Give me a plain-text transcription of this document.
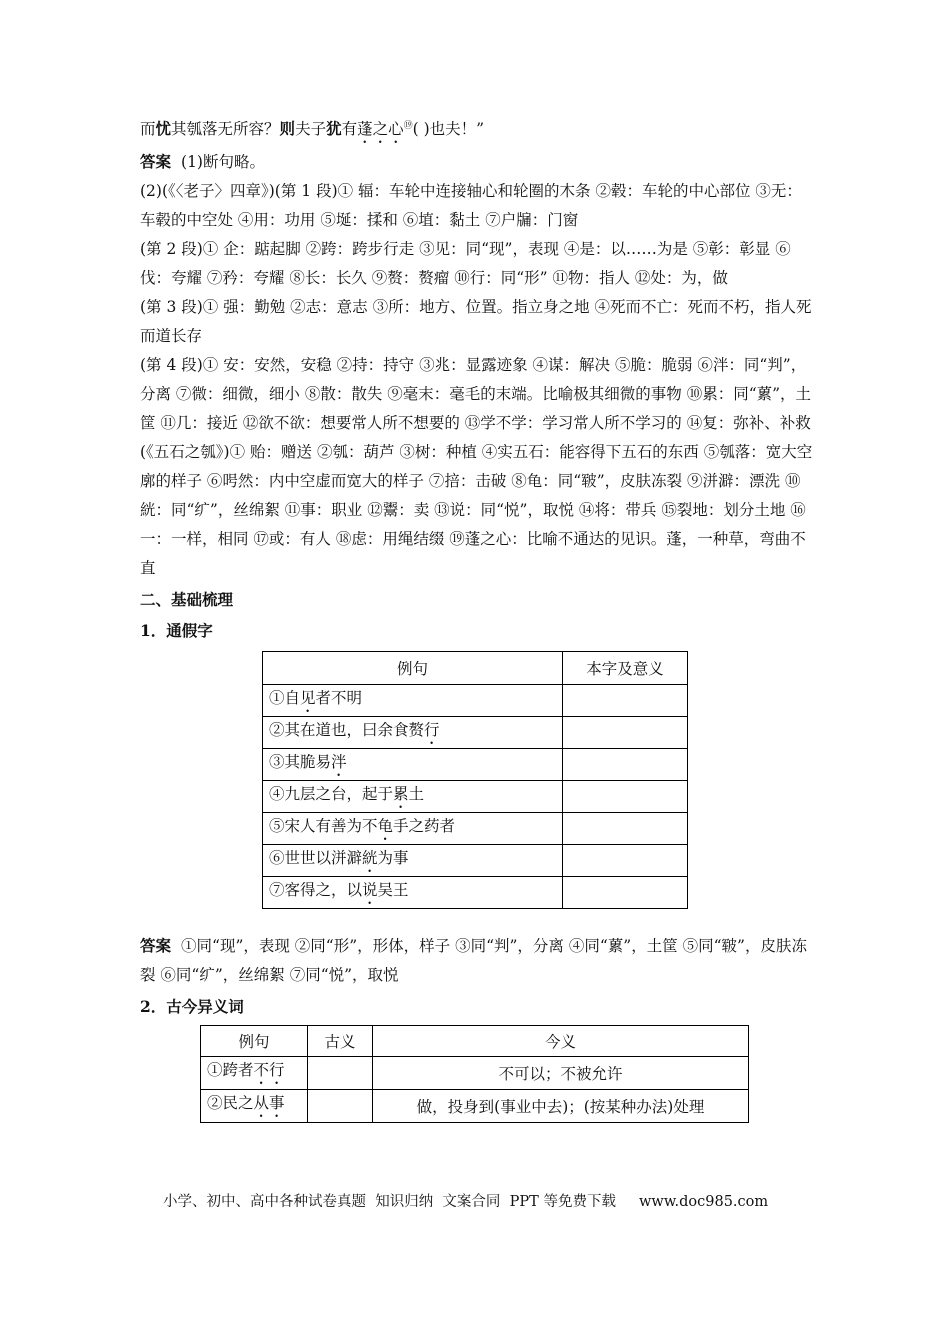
而忧其瓠落无所容？则夫子犹有蓬之心⑲( )也夫！”
答案 (1)断句略。
(2)(《〈老子〉四章》)(第 1 段)① 辐：车轮中连接轴心和轮圈的木条 ②毂：车轮的中心部位 ③无：车毂的中空处 ④用：功用 ⑤埏：揉和 ⑥埴：黏土 ⑦户牖：门窗
(第 2 段)① 企：踮起脚 ②跨：跨步行走 ③见：同“现”，表现 ④是：以……为是 ⑤彰：彰显 ⑥伐：夸耀 ⑦矜：夸耀 ⑧长：长久 ⑨赘：赘瘤 ⑩行：同“形” ⑪物：指人 ⑫处：为，做
(第 3 段)① 强：勤勉 ②志：意志 ③所：地方、位置。指立身之地 ④死而不亡：死而不朽，指人死而道长存
(第 4 段)① 安：安然，安稳 ②持：持守 ③兆：显露迹象 ④谋：解决 ⑤脆：脆弱 ⑥泮：同“判”，分离 ⑦微：细微，细小 ⑧散：散失 ⑨毫末：毫毛的末端。比喻极其细微的事物 ⑩累：同“蔂”，土筐 ⑪几：接近 ⑫欲不欲：想要常人所不想要的 ⑬学不学：学习常人所不学习的 ⑭复：弥补、补救
(《五石之瓠》)① 贻：赠送 ②瓠：葫芦 ③树：种植 ④实五石：能容得下五石的东西 ⑤瓠落：宽大空廓的样子 ⑥呺然：内中空虚而宽大的样子 ⑦掊：击破 ⑧龟：同“皲”，皮肤冻裂 ⑨洴澼：漂洗 ⑩絖：同“纩”，丝绵絮 ⑪事：职业 ⑫鬻：卖 ⑬说：同“悦”，取悦 ⑭将：带兵 ⑮裂地：划分土地 ⑯一：一样，相同 ⑰或：有人 ⑱虑：用绳结缀 ⑲蓬之心：比喻不通达的见识。蓬，一种草，弯曲不直
二、基础梳理
1．通假字
例句	本字及意义
①自见者不明	
②其在道也，曰余食赘行	
③其脆易泮	
④九层之台，起于累土	
⑤宋人有善为不龟手之药者	
⑥世世以洴澼絖为事	
⑦客得之，以说吴王	
答案 ①同“现”，表现 ②同“形”，形体，样子 ③同“判”，分离 ④同“蔂”，土筐 ⑤同“皲”，皮肤冻裂 ⑥同“纩”，丝绵絮 ⑦同“悦”，取悦
2．古今异义词
例句	古义	今义
①跨者不行		不可以；不被允许
②民之从事		做，投身到(事业中去)；(按某种办法)处理
小学、初中、高中各种试卷真题  知识归纳  文案合同  PPT 等免费下载     www.doc985.com
